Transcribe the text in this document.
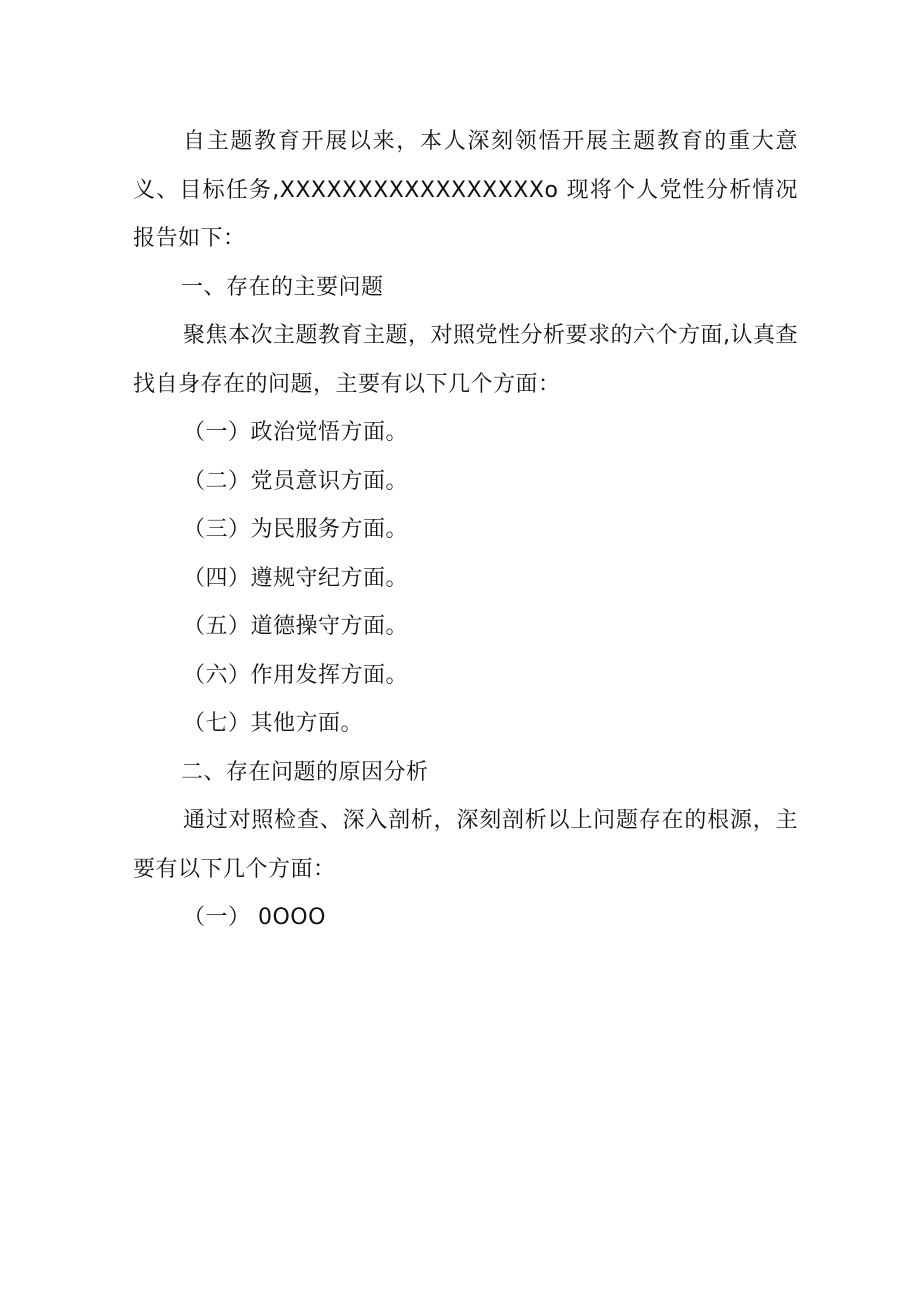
自主题教育开展以来，本人深刻领悟开展主题教育的重大意义、目标任务,XXXXXXXXXXXXXXXXXo 现将个人党性分析情况报告如下：

一、存在的主要问题

聚焦本次主题教育主题，对照党性分析要求的六个方面,认真查找自身存在的问题，主要有以下几个方面：

（一）政治觉悟方面。

（二）党员意识方面。

（三）为民服务方面。

（四）遵规守纪方面。

（五）道德操守方面。

（六）作用发挥方面。

（七）其他方面。

二、存在问题的原因分析

通过对照检查、深入剖析，深刻剖析以上问题存在的根源，主要有以下几个方面：

（一） 0OOO
